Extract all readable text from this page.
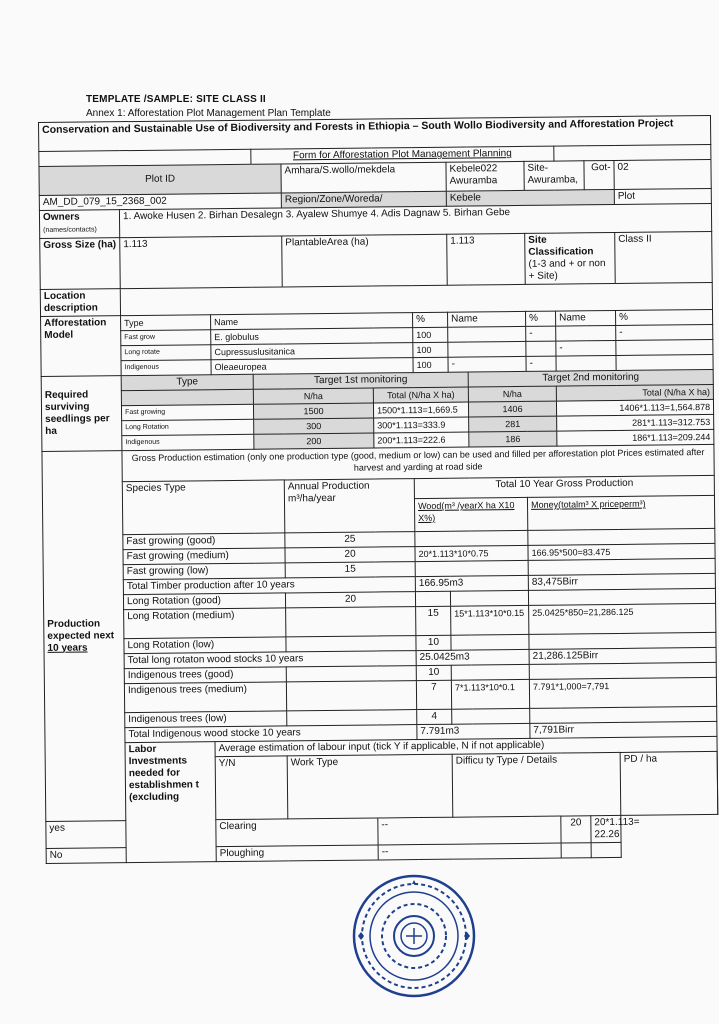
TEMPLATE /SAMPLE: SITE CLASS II
Annex 1: Afforestation Plot Management Plan Template
Conservation and Sustainable Use of Biodiversity and Forests in Ethiopia – South Wollo Biodiversity and Afforestation Project													
			Form for Afforestation Plot Management Planning										
Plot ID				Amhara/S.wollo/mekdela			Kebele022
Awuramba		Site-Awuramba,		Got-	02	
AM_DD_079_15_2368_002				Region/Zone/Woreda/			Kebele					Plot	
Owners
(names/contacts)	1. Awoke Husen 2. Birhan Desalegn 3. Ayalew Shumye 4. Adis Dagnaw 5. Birhan Gebe												
Gross Size (ha)	1.113			PlantableArea (ha)			1.113		Site Classification
(1-3 and + or non + Site)			Class II	
Location description													
Afforestation Model	Type	Name				%	Name		%	Name		%	
	Fast grow	E. globulus				100			-			-	
	Long rotate	Cupressuslusitanica				100				-			
	Indigenous	Oleaeuropea				100	-		-				
Required surviving seedlings per ha	Type		Target 1st monitoring					Target 2nd monitoring					
			N/ha		Total (N/ha X ha)			N/ha		Total (N/ha X ha)			
	Fast growing		1500		1500*1.113=1,669.5			1406		1406*1.113=1,564.878			
	Long Rotation		300		300*1.113=333.9			281		281*1.113=312.753			
	Indigenous		200		200*1.113=222.6			186		186*1.113=209.244			
Production expected next
10 years	Gross Production estimation (only one production type (good, medium or low) can be used and filled per afforestation plot Prices estimated after harvest and yarding at road side												
	Species Type			Annual Production m³/ha/year		Total 10 Year Gross Production							
						Wood(m³ /yearX ha X10 X%)			Money(totalm³ X priceperm³)				
	Fast growing (good)			25									
	Fast growing (medium)			20		20*1.113*10*0.75			166.95*500=83.475				
	Fast growing (low)			15									
	Total Timber production after 10 years					166.95m3			83,475Birr				
	Long Rotation (good)			20									
	Long Rotation (medium)					15	15*1.113*10*0.15		25.0425*850=21,286.125				
	Long Rotation (low)					10							
	Total long rotaton wood stocks 10 years					25.0425m3			21,286.125Birr				
	Indigenous trees (good)					10							
	Indigenous trees (medium)					7	7*1.113*10*0.1		7.791*1,000=7,791				
	Indigenous trees (low)					4							
	Total Indigenous wood stocke 10 years					7.791m3			7,791Birr				
	Labor Investments needed for establishmen t (excluding	Average estimation of labour input (tick Y if applicable, N if not applicable)											
		Y/N		Work Type			Difficu ty Type / Details					PD / ha	
yes		Clearing			--					20	20*1.113= 22.26		
No		Ploughing			--								
